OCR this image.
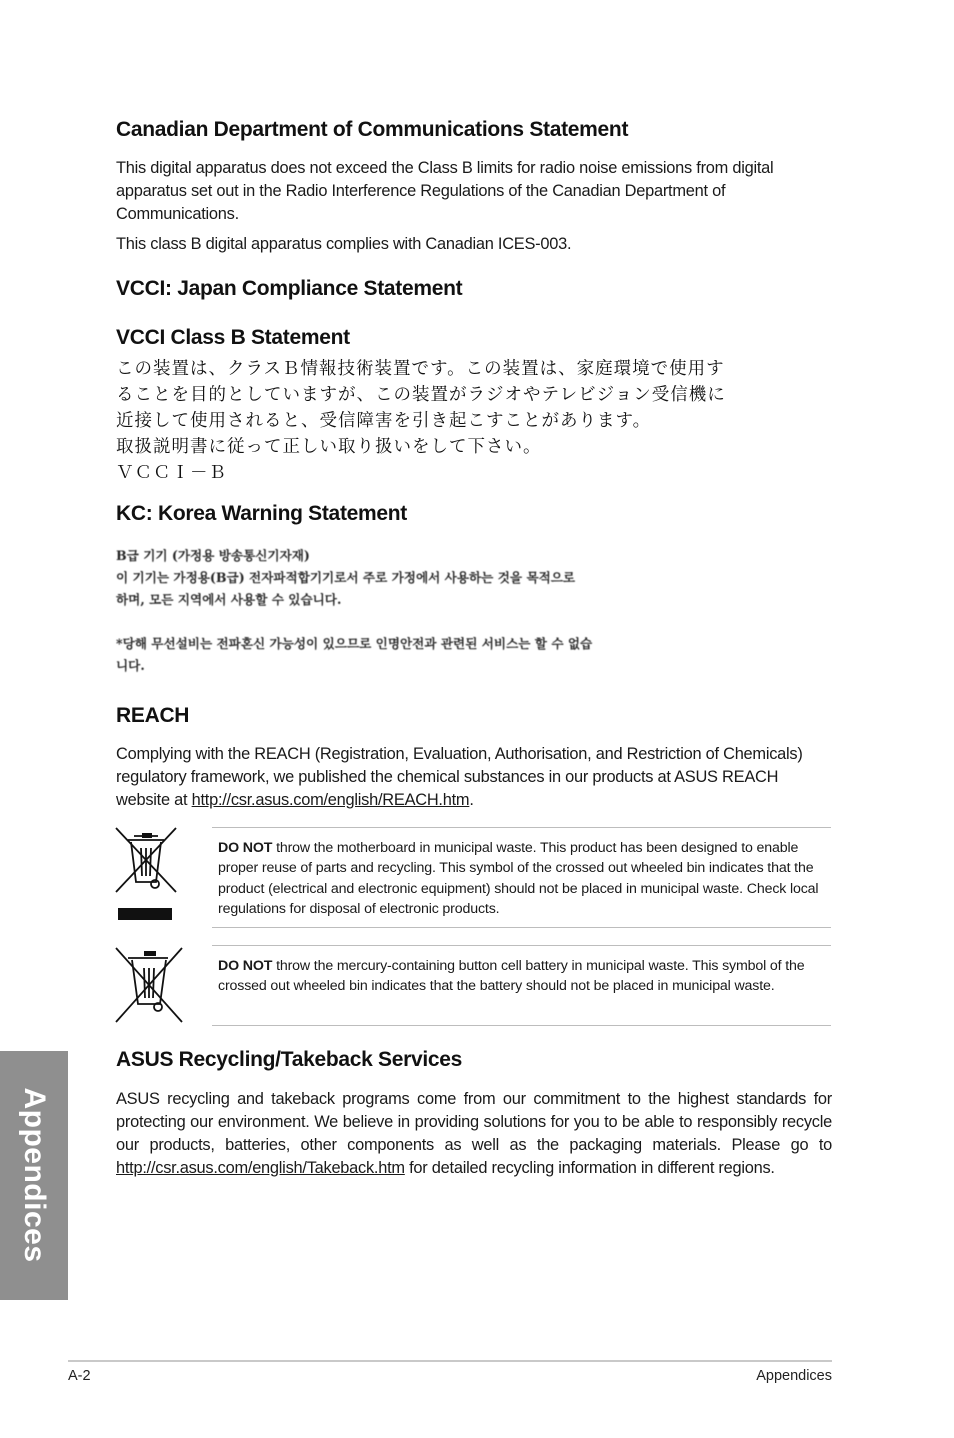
Canadian Department of Communications Statement

This digital apparatus does not exceed the Class B limits for radio noise emissions from digital apparatus set out in the Radio Interference Regulations of the Canadian Department of Communications.

This class B digital apparatus complies with Canadian ICES-003.

VCCI: Japan Compliance Statement
VCCI Class B Statement
この装置は、クラスＢ情報技術装置です。この装置は、家庭環境で使用す
ることを目的としていますが、この装置がラジオやテレビジョン受信機に
近接して使用されると、受信障害を引き起こすことがあります。
取扱説明書に従って正しい取り扱いをして下さい。
ＶＣＣＩ－Ｂ
KC: Korea Warning Statement
B급 기기 (가정용 방송통신기자재)
이 기기는 가정용(B급) 전자파적합기기로서 주로 가정에서 사용하는 것을 목적으로
하며, 모든 지역에서 사용할 수 있습니다.
*당해 무선설비는 전파혼신 가능성이 있으므로 인명안전과 관련된 서비스는 할 수 없습
니다.
REACH

Complying with the REACH (Registration, Evaluation, Authorisation, and Restriction of Chemicals) regulatory framework, we published the chemical substances in our products at ASUS REACH website at http://csr.asus.com/english/REACH.htm.

ASUS Recycling/Takeback Services

ASUS recycling and takeback programs come from our commitment to the highest standards for protecting our environment. We believe in providing solutions for you to be able to responsibly recycle our products, batteries, other components as well as the packaging materials. Please go to http://csr.asus.com/english/Takeback.htm for detailed recycling information in different regions.

DO NOT throw the motherboard in municipal waste. This product has been designed to enable proper reuse of parts and recycling. This symbol of the crossed out wheeled bin indicates that the product (electrical and electronic equipment) should not be placed in municipal waste. Check local regulations for disposal of electronic products.
DO NOT throw the mercury-containing button cell battery in municipal waste. This symbol of the crossed out wheeled bin indicates that the battery should not be placed in municipal waste.
Appendices
A-2	Appendices
